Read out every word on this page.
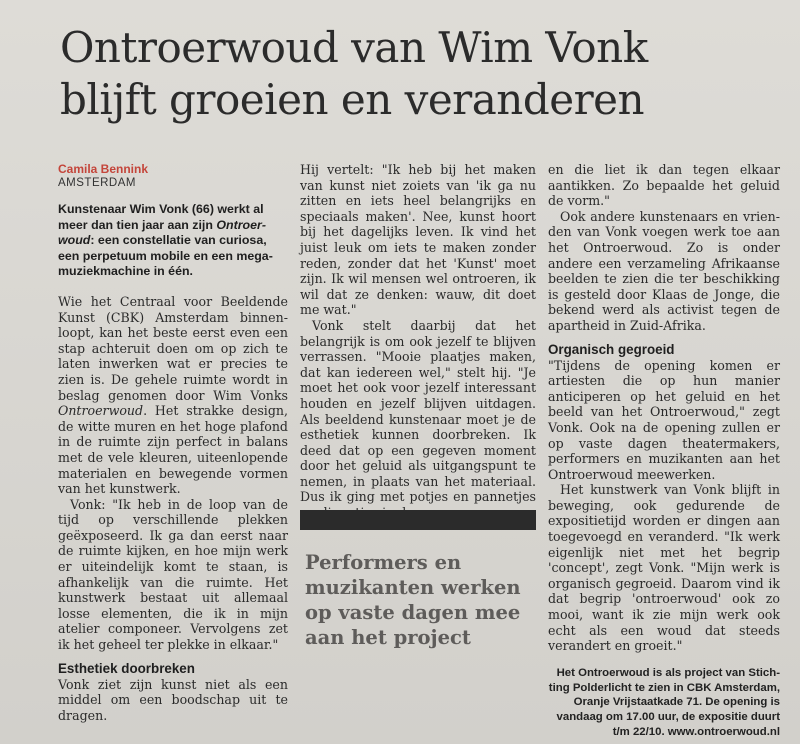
Ontroerwoud van Wim Vonk
blijft groeien en veranderen
Camila Bennink
AMSTERDAM
Kunstenaar Wim Vonk (66) werkt al meer dan tien jaar aan zijn Ontroerwoud: een constellatie van curiosa, een perpetuum mobile en een megamuziekmachine in één.

Wie het Centraal voor Beeldende Kunst (CBK) Amsterdam binnenloopt, kan het beste eerst even een stap achteruit doen om op zich te laten inwerken wat er precies te zien is. De gehele ruimte wordt in beslag genomen door Wim Vonks Ontroerwoud. Het strakke design, de witte muren en het hoge plafond in de ruimte zijn perfect in balans met de vele kleuren, uiteenlopende materialen en bewegende vormen van het kunstwerk.

Vonk: "Ik heb in de loop van de tijd op verschillende plekken geëxposeerd. Ik ga dan eerst naar de ruimte kijken, en hoe mijn werk er uiteindelijk komt te staan, is afhankelijk van die ruimte. Het kunstwerk bestaat uit allemaal losse elementen, die ik in mijn atelier componeer. Vervolgens zet ik het geheel ter plekke in elkaar."

Esthetiek doorbreken

Vonk ziet zijn kunst niet als een middel om een boodschap uit te dragen.

Hij vertelt: "Ik heb bij het maken van kunst niet zoiets van 'ik ga nu zitten en iets heel belangrijks en speciaals maken'. Nee, kunst hoort bij het dagelijks leven. Ik vind het juist leuk om iets te maken zonder reden, zonder dat het 'Kunst' moet zijn. Ik wil mensen wel ontroeren, ik wil dat ze denken: wauw, dit doet me wat."

Vonk stelt daarbij dat het belangrijk is om ook jezelf te blijven verrassen. "Mooie plaatjes maken, dat kan iedereen wel," stelt hij. "Je moet het ook voor jezelf interessant houden en jezelf blijven uitdagen. Als beeldend kunstenaar moet je de esthetiek kunnen doorbreken. Ik deed dat op een gegeven moment door het geluid als uitgangspunt te nemen, in plaats van het materiaal. Dus ik ging met potjes en pannetjes

Performers en muzikanten werken op vaste dagen mee aan het project

en die liet ik dan tegen elkaar aantikken. Zo bepaalde het geluid de vorm."

Ook andere kunstenaars en vrienden van Vonk voegen werk toe aan het Ontroerwoud. Zo is onder andere een verzameling Afrikaanse beelden te zien die ter beschikking is gesteld door Klaas de Jonge, die bekend werd als activist tegen de apartheid in Zuid-Afrika.

Organisch gegroeid

"Tijdens de opening komen er artiesten die op hun manier anticiperen op het geluid en het beeld van het Ontroerwoud," zegt Vonk. Ook na de opening zullen er op vaste dagen theatermakers, performers en muzikanten aan het Ontroerwoud meewerken.

Het kunstwerk van Vonk blijft in beweging, ook gedurende de expositietijd worden er dingen aan toegevoegd en veranderd. "Ik werk eigenlijk niet met het begrip 'concept', zegt Vonk. "Mijn werk is organisch gegroeid. Daarom vind ik dat begrip 'ontroerwoud' ook zo mooi, want ik zie mijn werk ook echt als een woud dat steeds verandert en groeit."

Het Ontroerwoud is als project van Stichting Polderlicht te zien in CBK Amsterdam, Oranje Vrijstaatkade 71. De opening is vandaag om 17.00 uur, de expositie duurt t/m 22/10. www.ontroerwoud.nl
